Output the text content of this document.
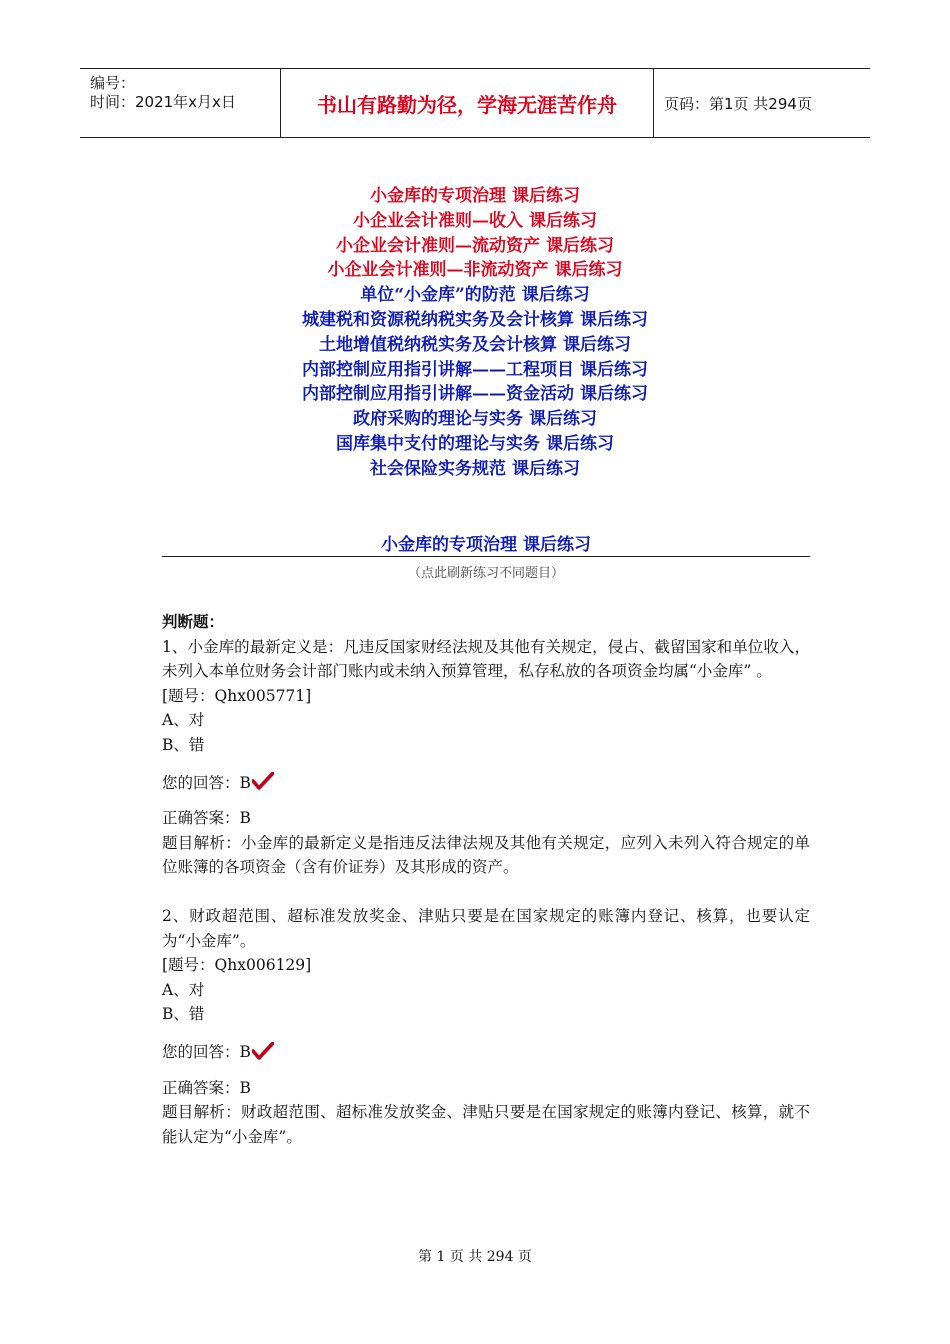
编号：
时间：2021年x月x日	书山有路勤为径，学海无涯苦作舟	页码：第1页 共294页
小金库的专项治理 课后练习
小企业会计准则—收入 课后练习
小企业会计准则—流动资产 课后练习
小企业会计准则—非流动资产 课后练习
单位“小金库”的防范 课后练习
城建税和资源税纳税实务及会计核算 课后练习
土地增值税纳税实务及会计核算 课后练习
内部控制应用指引讲解——工程项目 课后练习
内部控制应用指引讲解——资金活动 课后练习
政府采购的理论与实务 课后练习
国库集中支付的理论与实务 课后练习
社会保险实务规范 课后练习
小金库的专项治理 课后练习
（点此刷新练习不同题目）
判断题：
1、小金库的最新定义是：凡违反国家财经法规及其他有关规定，侵占、截留国家和单位收入，未列入本单位财务会计部门账内或未纳入预算管理，私存私放的各项资金均属“小金库” 。
[题号：Qhx005771]
A、对
B、错
您的回答：B
正确答案：B
题目解析：小金库的最新定义是指违反法律法规及其他有关规定，应列入未列入符合规定的单位账簿的各项资金（含有价证券）及其形成的资产。
2、财政超范围、超标准发放奖金、津贴只要是在国家规定的账簿内登记、核算，也要认定为“小金库”。
[题号：Qhx006129]
A、对
B、错
您的回答：B
正确答案：B
题目解析：财政超范围、超标准发放奖金、津贴只要是在国家规定的账簿内登记、核算，就不能认定为“小金库”。
第 1 页 共 294 页
